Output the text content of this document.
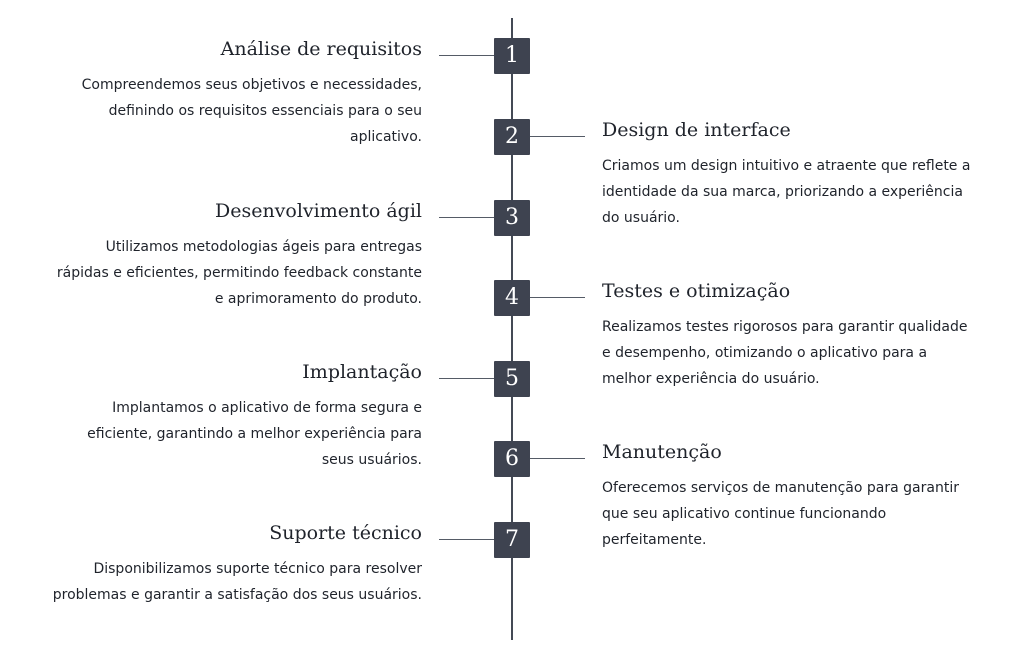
1
Análise de requisitos
Compreendemos seus objetivos e necessidades, definindo os requisitos essenciais para o seu aplicativo.	2	Design de interface
Criamos um design intuitivo e atraente que reflete a identidade da sua marca, priorizando a experiência do usuário.
3
Desenvolvimento ágil
Utilizamos metodologias ágeis para entregas rápidas e eficientes, permitindo feedback constante e aprimoramento do produto.	4	Testes e otimização
Realizamos testes rigorosos para garantir qualidade e desempenho, otimizando o aplicativo para a melhor experiência do usuário.
5
Implantação
Implantamos o aplicativo de forma segura e eficiente, garantindo a melhor experiência para seus usuários.	6	Manutenção
Oferecemos serviços de manutenção para garantir que seu aplicativo continue funcionando perfeitamente.
7
Suporte técnico
Disponibilizamos suporte técnico para resolver problemas e garantir a satisfação dos seus usuários.
